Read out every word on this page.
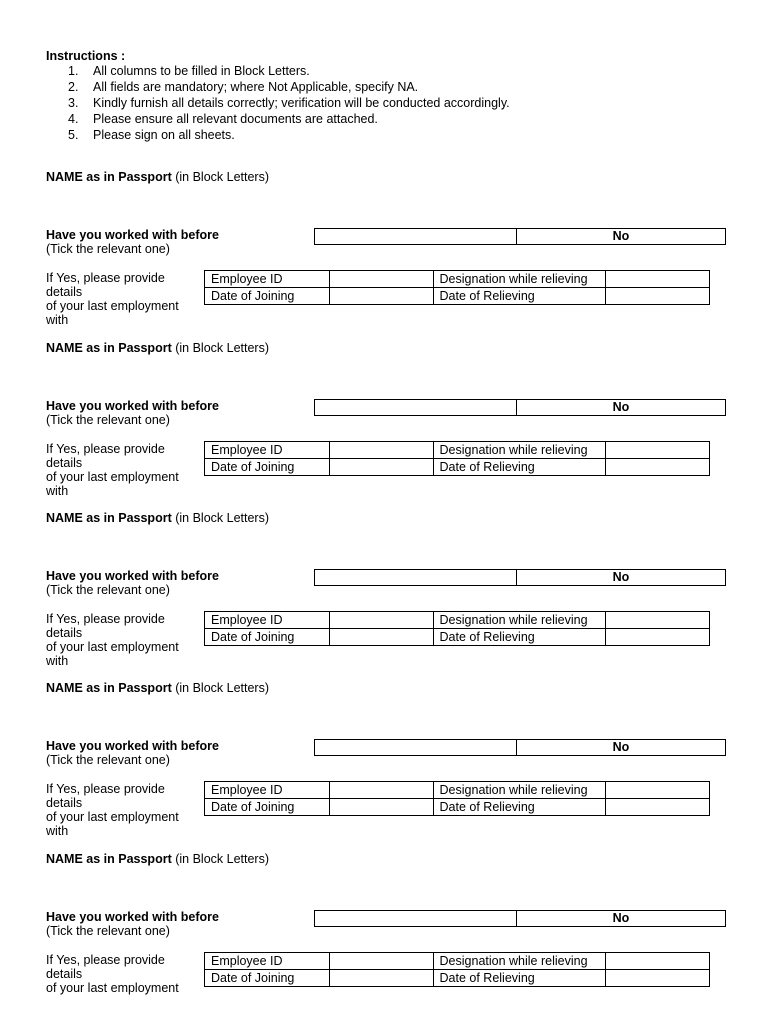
Instructions :
1. All columns to be filled in Block Letters.
2. All fields are mandatory; where Not Applicable, specify NA.
3. Kindly furnish all details correctly; verification will be conducted accordingly.
4. Please ensure all relevant documents are attached.
5. Please sign on all sheets.
NAME as in Passport (in Block Letters)
Have you worked with before
(Tick the relevant one)
No
If Yes, please provide
details
of your last employment
with
Employee ID		Designation while relieving	
Date of Joining		Date of Relieving	
NAME as in Passport (in Block Letters)
Have you worked with before
(Tick the relevant one)
No
If Yes, please provide
details
of your last employment
with
Employee ID		Designation while relieving	
Date of Joining		Date of Relieving	
NAME as in Passport (in Block Letters)
Have you worked with before
(Tick the relevant one)
No
If Yes, please provide
details
of your last employment
with
Employee ID		Designation while relieving	
Date of Joining		Date of Relieving	
NAME as in Passport (in Block Letters)
Have you worked with before
(Tick the relevant one)
No
If Yes, please provide
details
of your last employment
with
Employee ID		Designation while relieving	
Date of Joining		Date of Relieving	
NAME as in Passport (in Block Letters)
Have you worked with before
(Tick the relevant one)
No
If Yes, please provide
details
of your last employment
Employee ID		Designation while relieving	
Date of Joining		Date of Relieving	
